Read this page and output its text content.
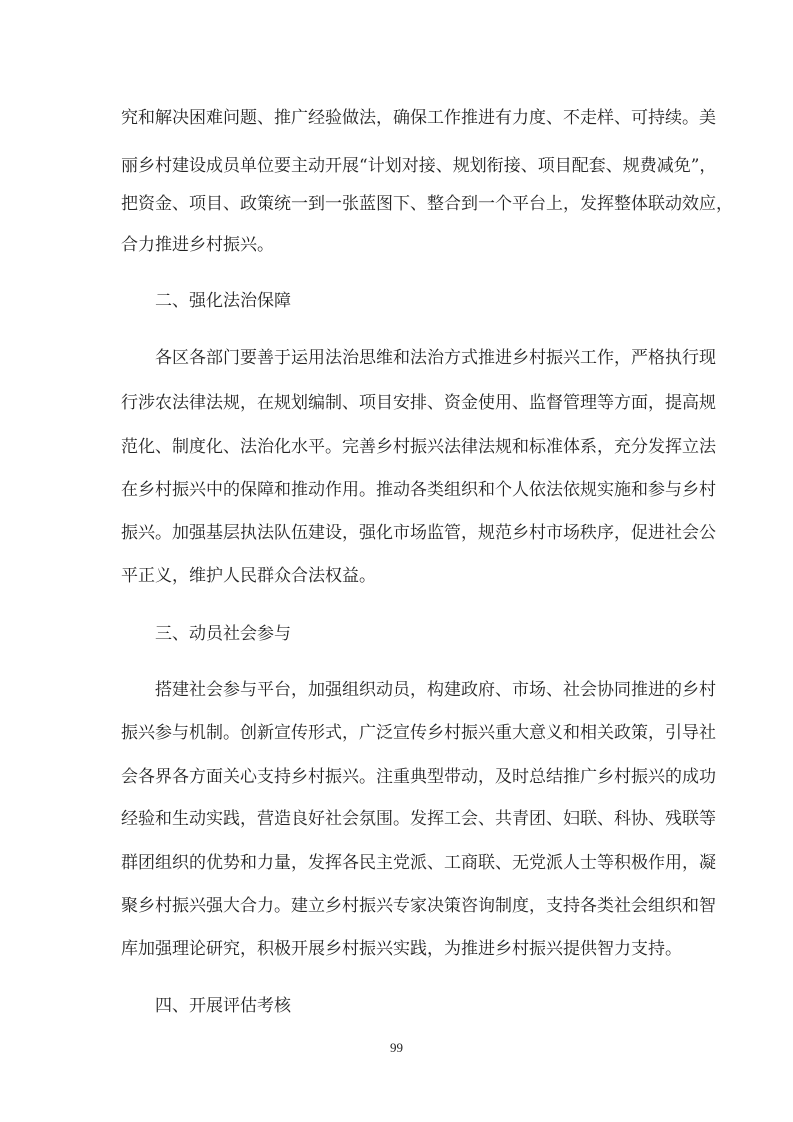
究和解决困难问题、推广经验做法，确保工作推进有力度、不走样、可持续。美

丽乡村建设成员单位要主动开展“计划对接、规划衔接、项目配套、规费减免”，

把资金、项目、政策统一到一张蓝图下、整合到一个平台上，发挥整体联动效应，

合力推进乡村振兴。

二、强化法治保障

各区各部门要善于运用法治思维和法治方式推进乡村振兴工作，严格执行现

行涉农法律法规，在规划编制、项目安排、资金使用、监督管理等方面，提高规

范化、制度化、法治化水平。完善乡村振兴法律法规和标准体系，充分发挥立法

在乡村振兴中的保障和推动作用。推动各类组织和个人依法依规实施和参与乡村

振兴。加强基层执法队伍建设，强化市场监管，规范乡村市场秩序，促进社会公

平正义，维护人民群众合法权益。

三、动员社会参与

搭建社会参与平台，加强组织动员，构建政府、市场、社会协同推进的乡村

振兴参与机制。创新宣传形式，广泛宣传乡村振兴重大意义和相关政策，引导社

会各界各方面关心支持乡村振兴。注重典型带动，及时总结推广乡村振兴的成功

经验和生动实践，营造良好社会氛围。发挥工会、共青团、妇联、科协、残联等

群团组织的优势和力量，发挥各民主党派、工商联、无党派人士等积极作用，凝

聚乡村振兴强大合力。建立乡村振兴专家决策咨询制度，支持各类社会组织和智

库加强理论研究，积极开展乡村振兴实践，为推进乡村振兴提供智力支持。

四、开展评估考核

99
